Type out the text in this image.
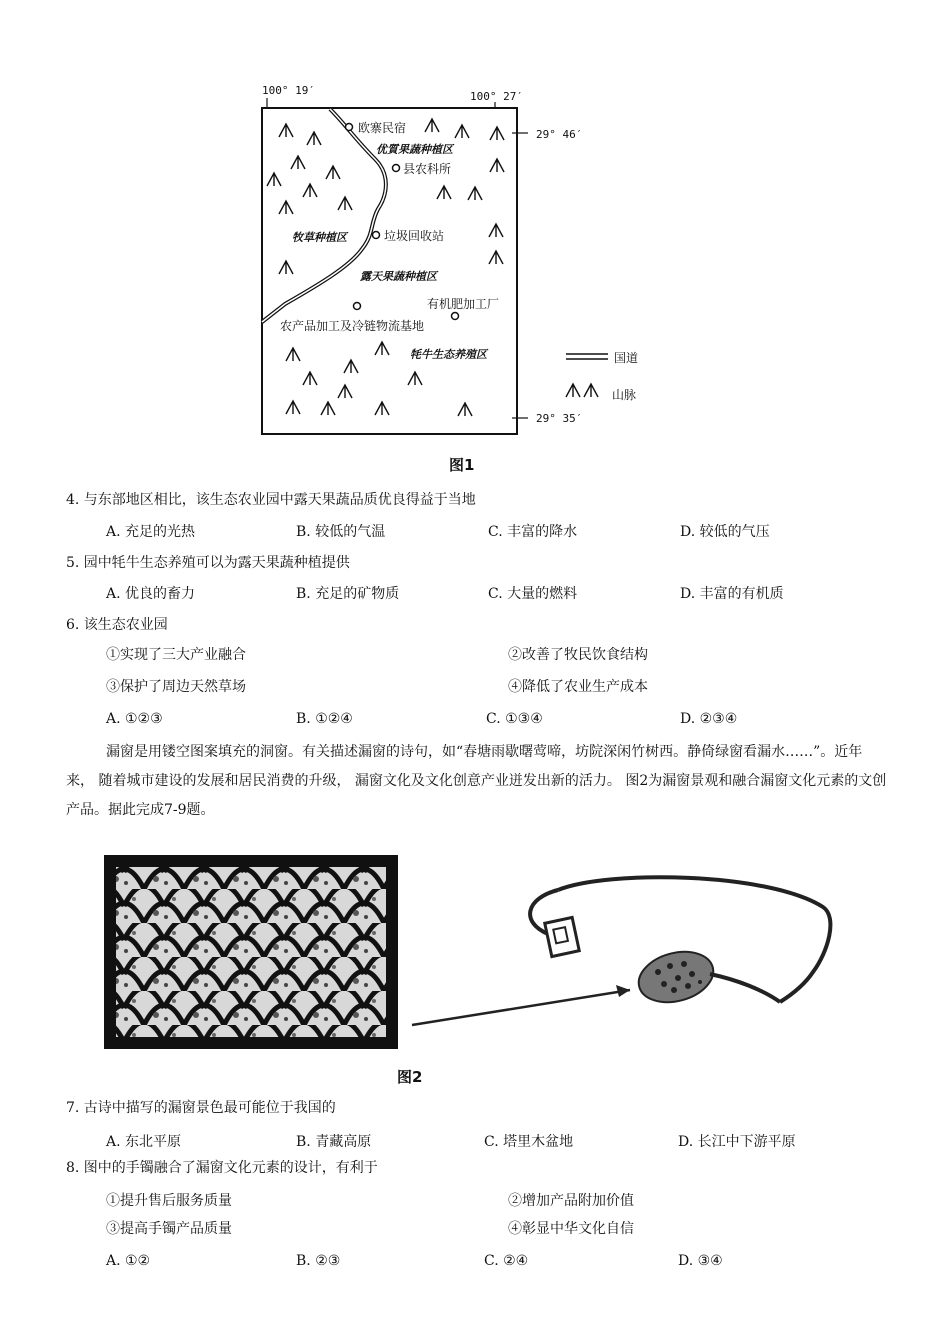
100° 19′	100° 27′
29° 46′
29° 35′
欧寨民宿
优質果蔬种植区
县农科所
牧草种植区	垃圾回收站
露天果蔬种植区
有机肥加工厂
农产品加工及冷链物流基地
牦牛生态养殖区	国道
山脉
图1
4. 与东部地区相比，该生态农业园中露天果蔬品质优良得益于当地
A. 充足的光热	B. 较低的气温	C. 丰富的降水	D. 较低的气压
5. 园中牦牛生态养殖可以为露天果蔬种植提供
A. 优良的畜力	B. 充足的矿物质	C. 大量的燃料	D. 丰富的有机质
6. 该生态农业园
①实现了三大产业融合	②改善了牧民饮食结构
③保护了周边天然草场	④降低了农业生产成本
A. ①②③	B. ①②④	C. ①③④	D. ②③④
漏窗是用镂空图案填充的洞窗。有关描述漏窗的诗句，如“春塘雨歇曙莺啼，坊院深闲竹树西。静倚绿窗看漏水……”。近年来， 随着城市建设的发展和居民消费的升级， 漏窗文化及文化创意产业迸发出新的活力。 图2为漏窗景观和融合漏窗文化元素的文创产品。据此完成7-9题。
图2
7. 古诗中描写的漏窗景色最可能位于我国的
A. 东北平原	B. 青藏高原	C. 塔里木盆地	D. 长江中下游平原
8. 图中的手镯融合了漏窗文化元素的设计，有利于
①提升售后服务质量	②增加产品附加价值
③提高手镯产品质量	④彰显中华文化自信
A. ①②	B. ②③	C. ②④	D. ③④
